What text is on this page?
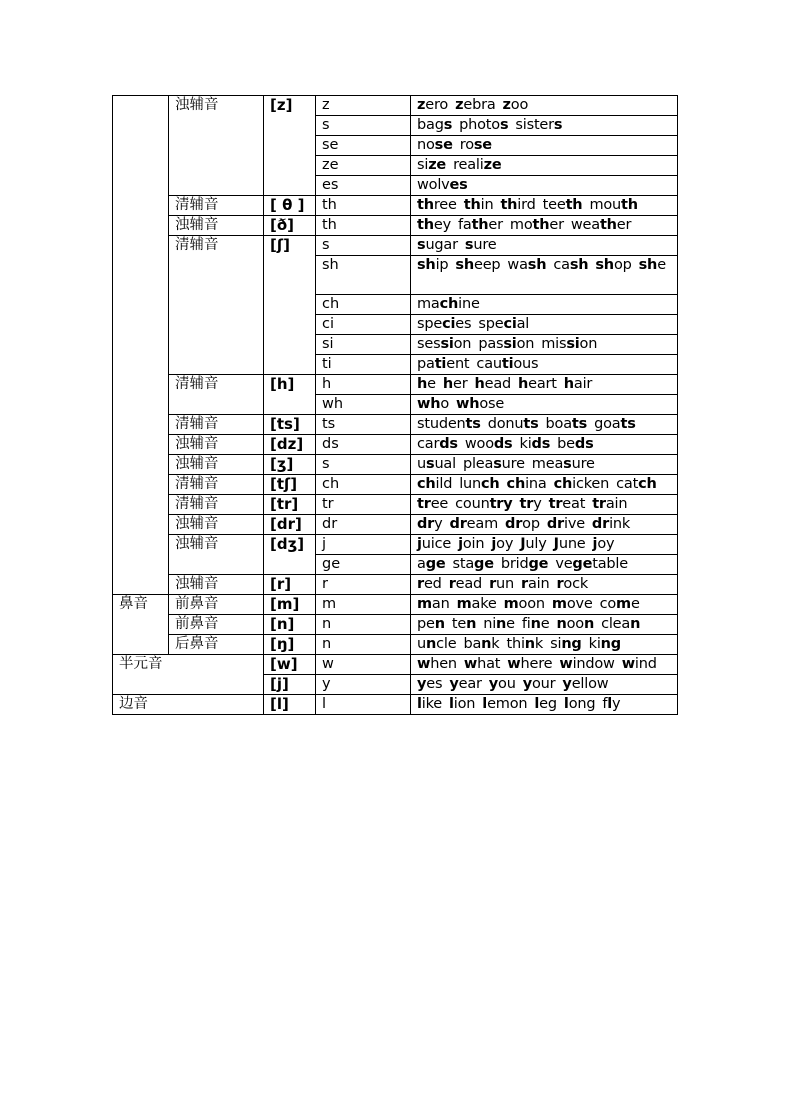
	浊辅音	[z]	z	zero zebra zoo
			s	bags photos sisters
			se	nose rose
			ze	size realize
			es	wolves
	清辅音	[ θ ]	th	three thin third teeth mouth
	浊辅音	[ð]	th	they father mother weather
	清辅音	[ʃ]	s	sugar sure
			sh	ship sheep wash cash shop she
			ch	machine
			ci	species special
			si	session passion mission
			ti	patient cautious
	清辅音	[h]	h	he her head heart hair
			wh	who whose
	清辅音	[ts]	ts	students donuts boats goats
	浊辅音	[dz]	ds	cards woods kids beds
	浊辅音	[ʒ]	s	usual pleasure measure
	清辅音	[tʃ]	ch	child lunch china chicken catch
	清辅音	[tr]	tr	tree country try treat train
	浊辅音	[dr]	dr	dry dream drop drive drink
	浊辅音	[dʒ]	j	juice join joy July June joy
			ge	age stage bridge vegetable
	浊辅音	[r]	r	red read run rain rock
鼻音	前鼻音	[m]	m	man make moon move come
	前鼻音	[n]	n	pen ten nine fine noon clean
	后鼻音	[ŋ]	n	uncle bank think sing king
半元音		[w]	w	when what where window wind
		[j]	y	yes year you your yellow
边音		[l]	l	like lion lemon leg long fly
